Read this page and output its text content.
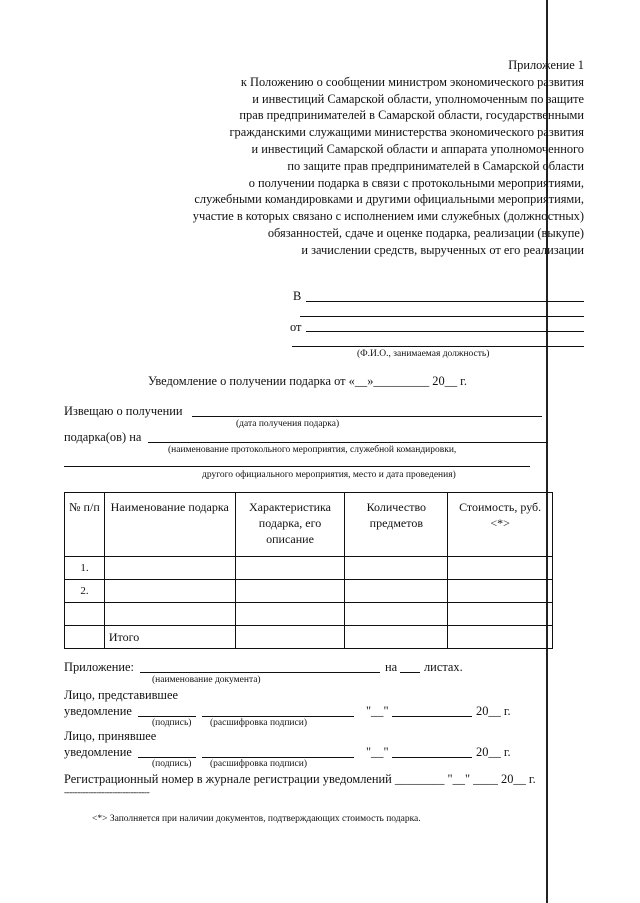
Приложение 1
к Положению о сообщении министром экономического развития
и инвестиций Самарской области, уполномоченным по защите
прав предпринимателей в Самарской области, государственными
гражданскими служащими министерства экономического развития
и инвестиций Самарской области и аппарата уполномоченного
по защите прав предпринимателей в Самарской области
о получении подарка в связи с протокольными мероприятиями,
служебными командировками и другими официальными мероприятиями,
участие в которых связано с исполнением ими служебных (должностных)
обязанностей, сдаче и оценке подарка, реализации (выкупе)
и зачислении средств, вырученных от его реализации
В
от
(Ф.И.О., занимаемая должность)
Уведомление о получении подарка от «__»_________ 20__ г.
Извещаю о получении
(дата получения подарка)
подарка(ов) на
(наименование протокольного мероприятия, служебной командировки,
другого официального мероприятия, место и дата проведения)
№ п/п	Наименование подарка	Характеристика подарка, его описание	Количество предметов	Стоимость, руб. <*>
1.				
2.				

	Итого			
Приложение:	на листах.
(наименование документа)
Лицо, представившее
уведомление	"__"	20__ г.
(подпись) (расшифровка подписи)
Лицо, принявшее
уведомление	"__"	20__ г.
(подпись) (расшифровка подписи)
Регистрационный номер в журнале регистрации уведомлений ________ "__" ____ 20__ г.
--------------------------------
<*> Заполняется при наличии документов, подтверждающих стоимость подарка.
